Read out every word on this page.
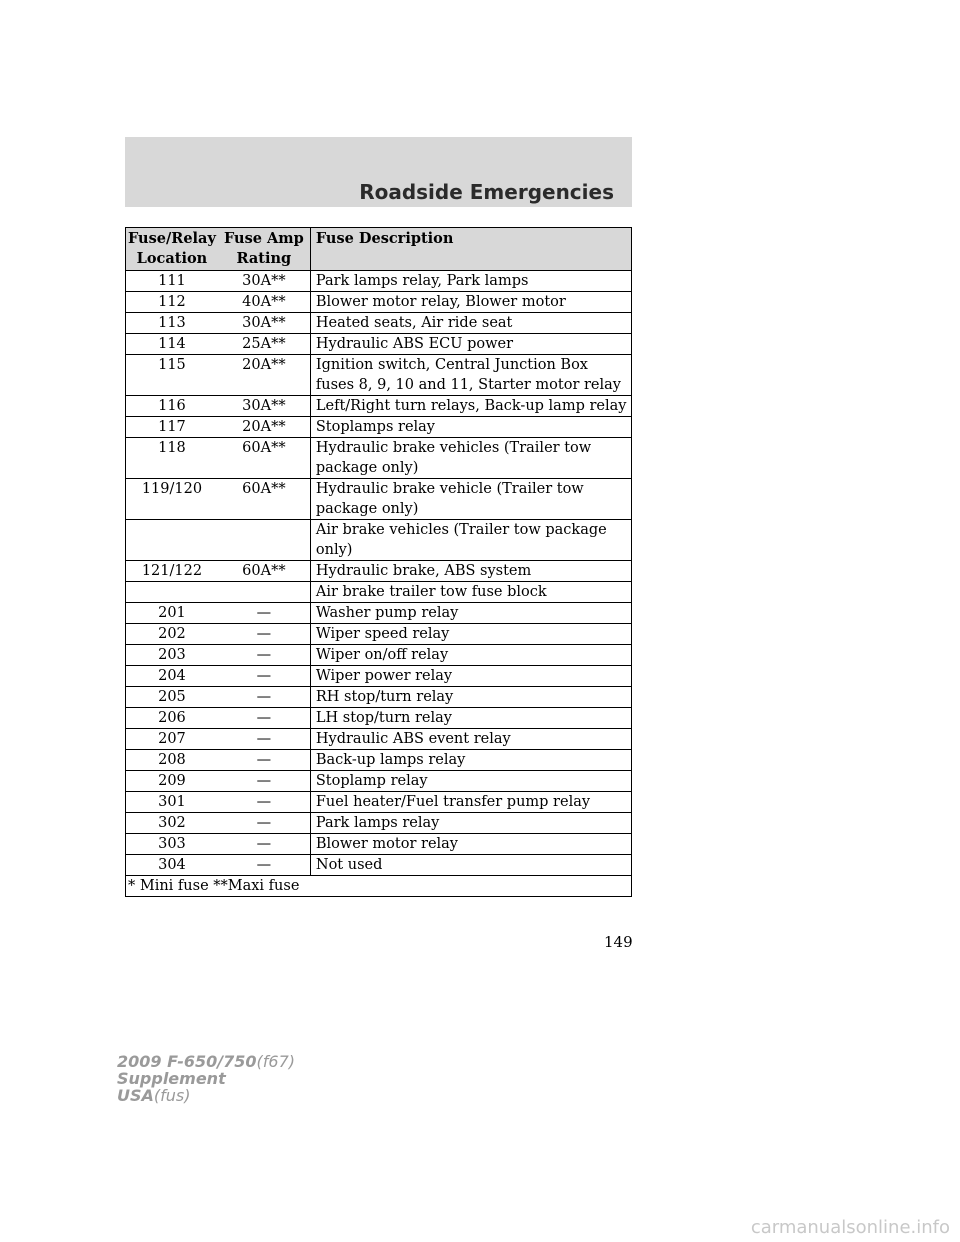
Roadside Emergencies
Fuse/Relay Location	Fuse Amp Rating	Fuse Description
111	30A**	Park lamps relay, Park lamps
112	40A**	Blower motor relay, Blower motor
113	30A**	Heated seats, Air ride seat
114	25A**	Hydraulic ABS ECU power
115	20A**	Ignition switch, Central Junction Box fuses 8, 9, 10 and 11, Starter motor relay
116	30A**	Left/Right turn relays, Back-up lamp relay
117	20A**	Stoplamps relay
118	60A**	Hydraulic brake vehicles (Trailer tow package only)
119/120	60A**	Hydraulic brake vehicle (Trailer tow package only)
		Air brake vehicles (Trailer tow package only)
121/122	60A**	Hydraulic brake, ABS system
		Air brake trailer tow fuse block
201	—	Washer pump relay
202	—	Wiper speed relay
203	—	Wiper on/off relay
204	—	Wiper power relay
205	—	RH stop/turn relay
206	—	LH stop/turn relay
207	—	Hydraulic ABS event relay
208	—	Back-up lamps relay
209	—	Stoplamp relay
301	—	Fuel heater/Fuel transfer pump relay
302	—	Park lamps relay
303	—	Blower motor relay
304	—	Not used
* Mini fuse **Maxi fuse		
149
2009 F-650/750(f67)
Supplement
USA(fus)
carmanualsonline.info
